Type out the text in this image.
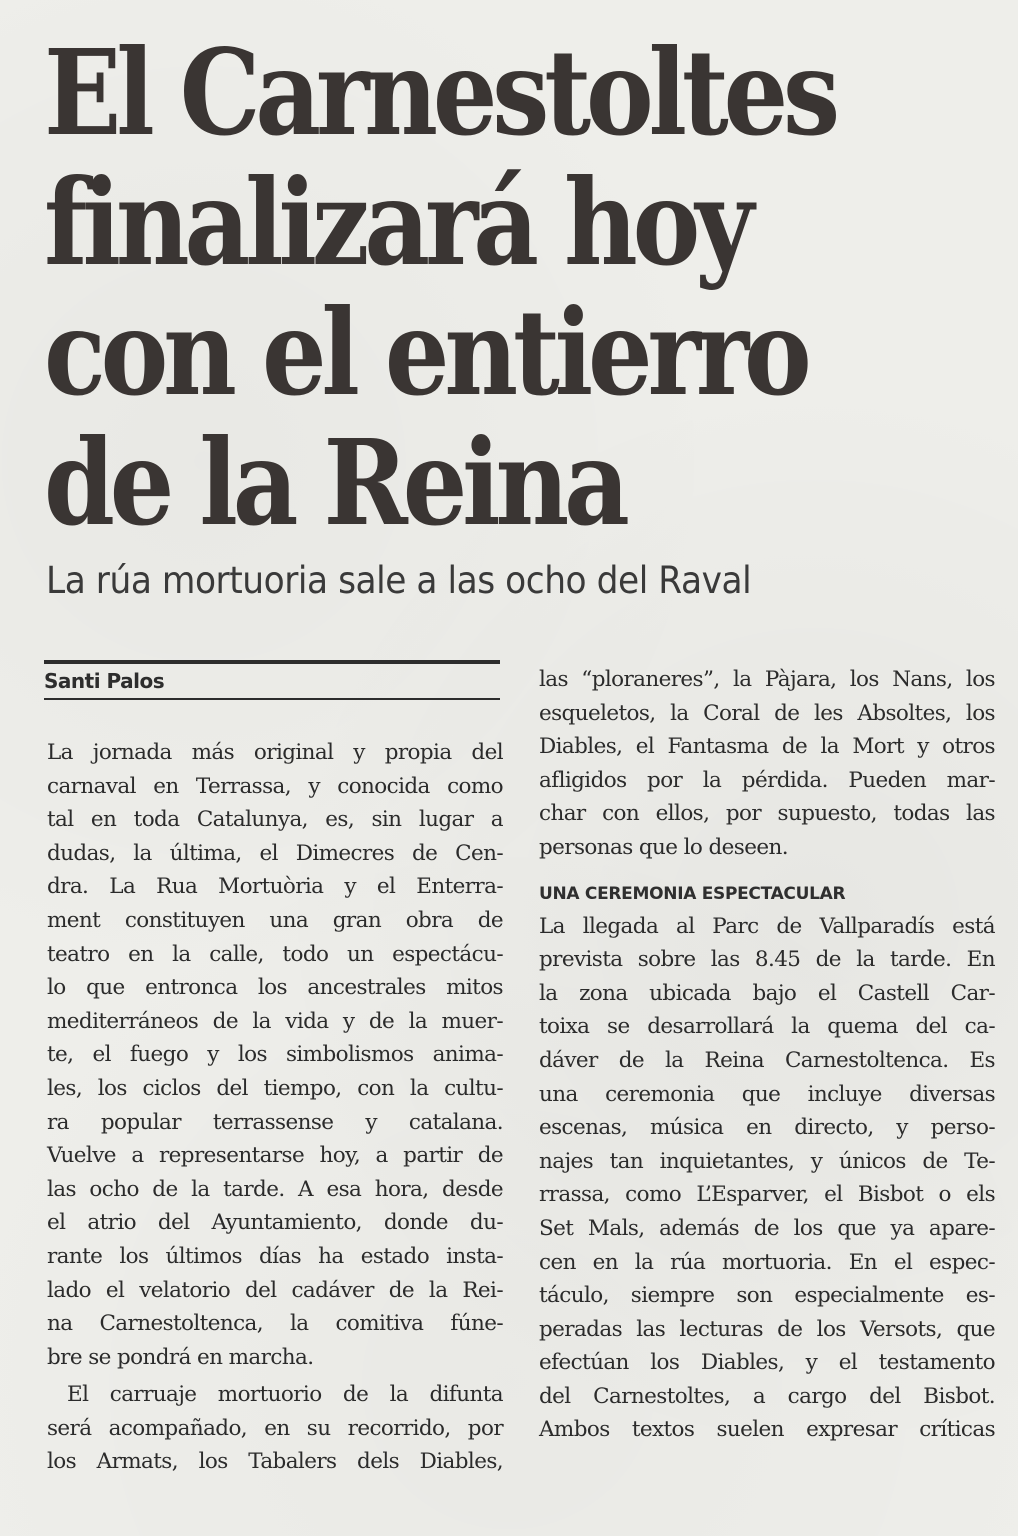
El Carnestoltes
finalizará hoy
con el entierro
de la Reina
La rúa mortuoria sale a las ocho del Raval
Santi Palos
La jornada más original y propia del
carnaval en Terrassa, y conocida como
tal en toda Catalunya, es, sin lugar a
dudas, la última, el Dimecres de Cen-
dra. La Rua Mortuòria y el Enterra-
ment constituyen una gran obra de
teatro en la calle, todo un espectácu-
lo que entronca los ancestrales mitos
mediterráneos de la vida y de la muer-
te, el fuego y los simbolismos anima-
les, los ciclos del tiempo, con la cultu-
ra popular terrassense y catalana.
Vuelve a representarse hoy, a partir de
las ocho de la tarde. A esa hora, desde
el atrio del Ayuntamiento, donde du-
rante los últimos días ha estado insta-
lado el velatorio del cadáver de la Rei-
na Carnestoltenca, la comitiva fúne-
bre se pondrá en marcha.
El carruaje mortuorio de la difunta
será acompañado, en su recorrido, por
los Armats, los Tabalers dels Diables,
las “ploraneres”, la Pàjara, los Nans, los
esqueletos, la Coral de les Absoltes, los
Diables, el Fantasma de la Mort y otros
afligidos por la pérdida. Pueden mar-
char con ellos, por supuesto, todas las
personas que lo deseen.
UNA CEREMONIA ESPECTACULAR
La llegada al Parc de Vallparadís está
prevista sobre las 8.45 de la tarde. En
la zona ubicada bajo el Castell Car-
toixa se desarrollará la quema del ca-
dáver de la Reina Carnestoltenca. Es
una ceremonia que incluye diversas
escenas, música en directo, y perso-
najes tan inquietantes, y únicos de Te-
rrassa, como L’Esparver, el Bisbot o els
Set Mals, además de los que ya apare-
cen en la rúa mortuoria. En el espec-
táculo, siempre son especialmente es-
peradas las lecturas de los Versots, que
efectúan los Diables, y el testamento
del Carnestoltes, a cargo del Bisbot.
Ambos textos suelen expresar críticas
